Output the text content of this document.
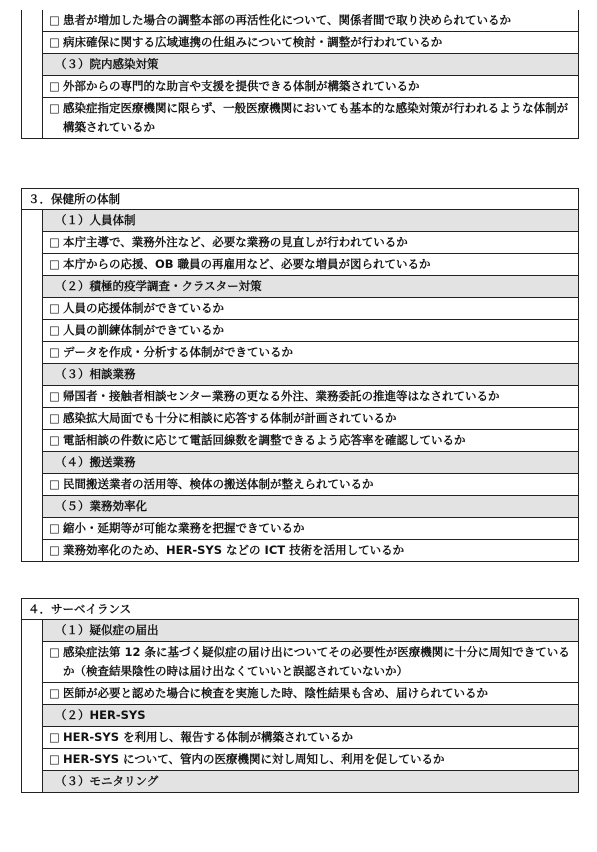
□ 患者が増加した場合の調整本部の再活性化について、関係者間で取り決められているか
□ 病床確保に関する広域連携の仕組みについて検討・調整が行われているか
（３）院内感染対策
□ 外部からの専門的な助言や支援を提供できる体制が構築されているか
□ 感染症指定医療機関に限らず、一般医療機関においても基本的な感染対策が行われるような体制が構築されているか
３．保健所の体制
（１）人員体制
□ 本庁主導で、業務外注など、必要な業務の見直しが行われているか
□ 本庁からの応援、OB 職員の再雇用など、必要な増員が図られているか
（２）積極的疫学調査・クラスター対策
□ 人員の応援体制ができているか
□ 人員の訓練体制ができているか
□ データを作成・分析する体制ができているか
（３）相談業務
□ 帰国者・接触者相談センター業務の更なる外注、業務委託の推進等はなされているか
□ 感染拡大局面でも十分に相談に応答する体制が計画されているか
□ 電話相談の件数に応じて電話回線数を調整できるよう応答率を確認しているか
（４）搬送業務
□ 民間搬送業者の活用等、検体の搬送体制が整えられているか
（５）業務効率化
□ 縮小・延期等が可能な業務を把握できているか
□ 業務効率化のため、HER-SYS などの ICT 技術を活用しているか
４．サーベイランス
（１）疑似症の届出
□ 感染症法第 12 条に基づく疑似症の届け出についてその必要性が医療機関に十分に周知できているか（検査結果陰性の時は届け出なくていいと誤認されていないか）
□ 医師が必要と認めた場合に検査を実施した時、陰性結果も含め、届けられているか
（２）HER-SYS
□ HER-SYS を利用し、報告する体制が構築されているか
□ HER-SYS について、管内の医療機関に対し周知し、利用を促しているか
（３）モニタリング
